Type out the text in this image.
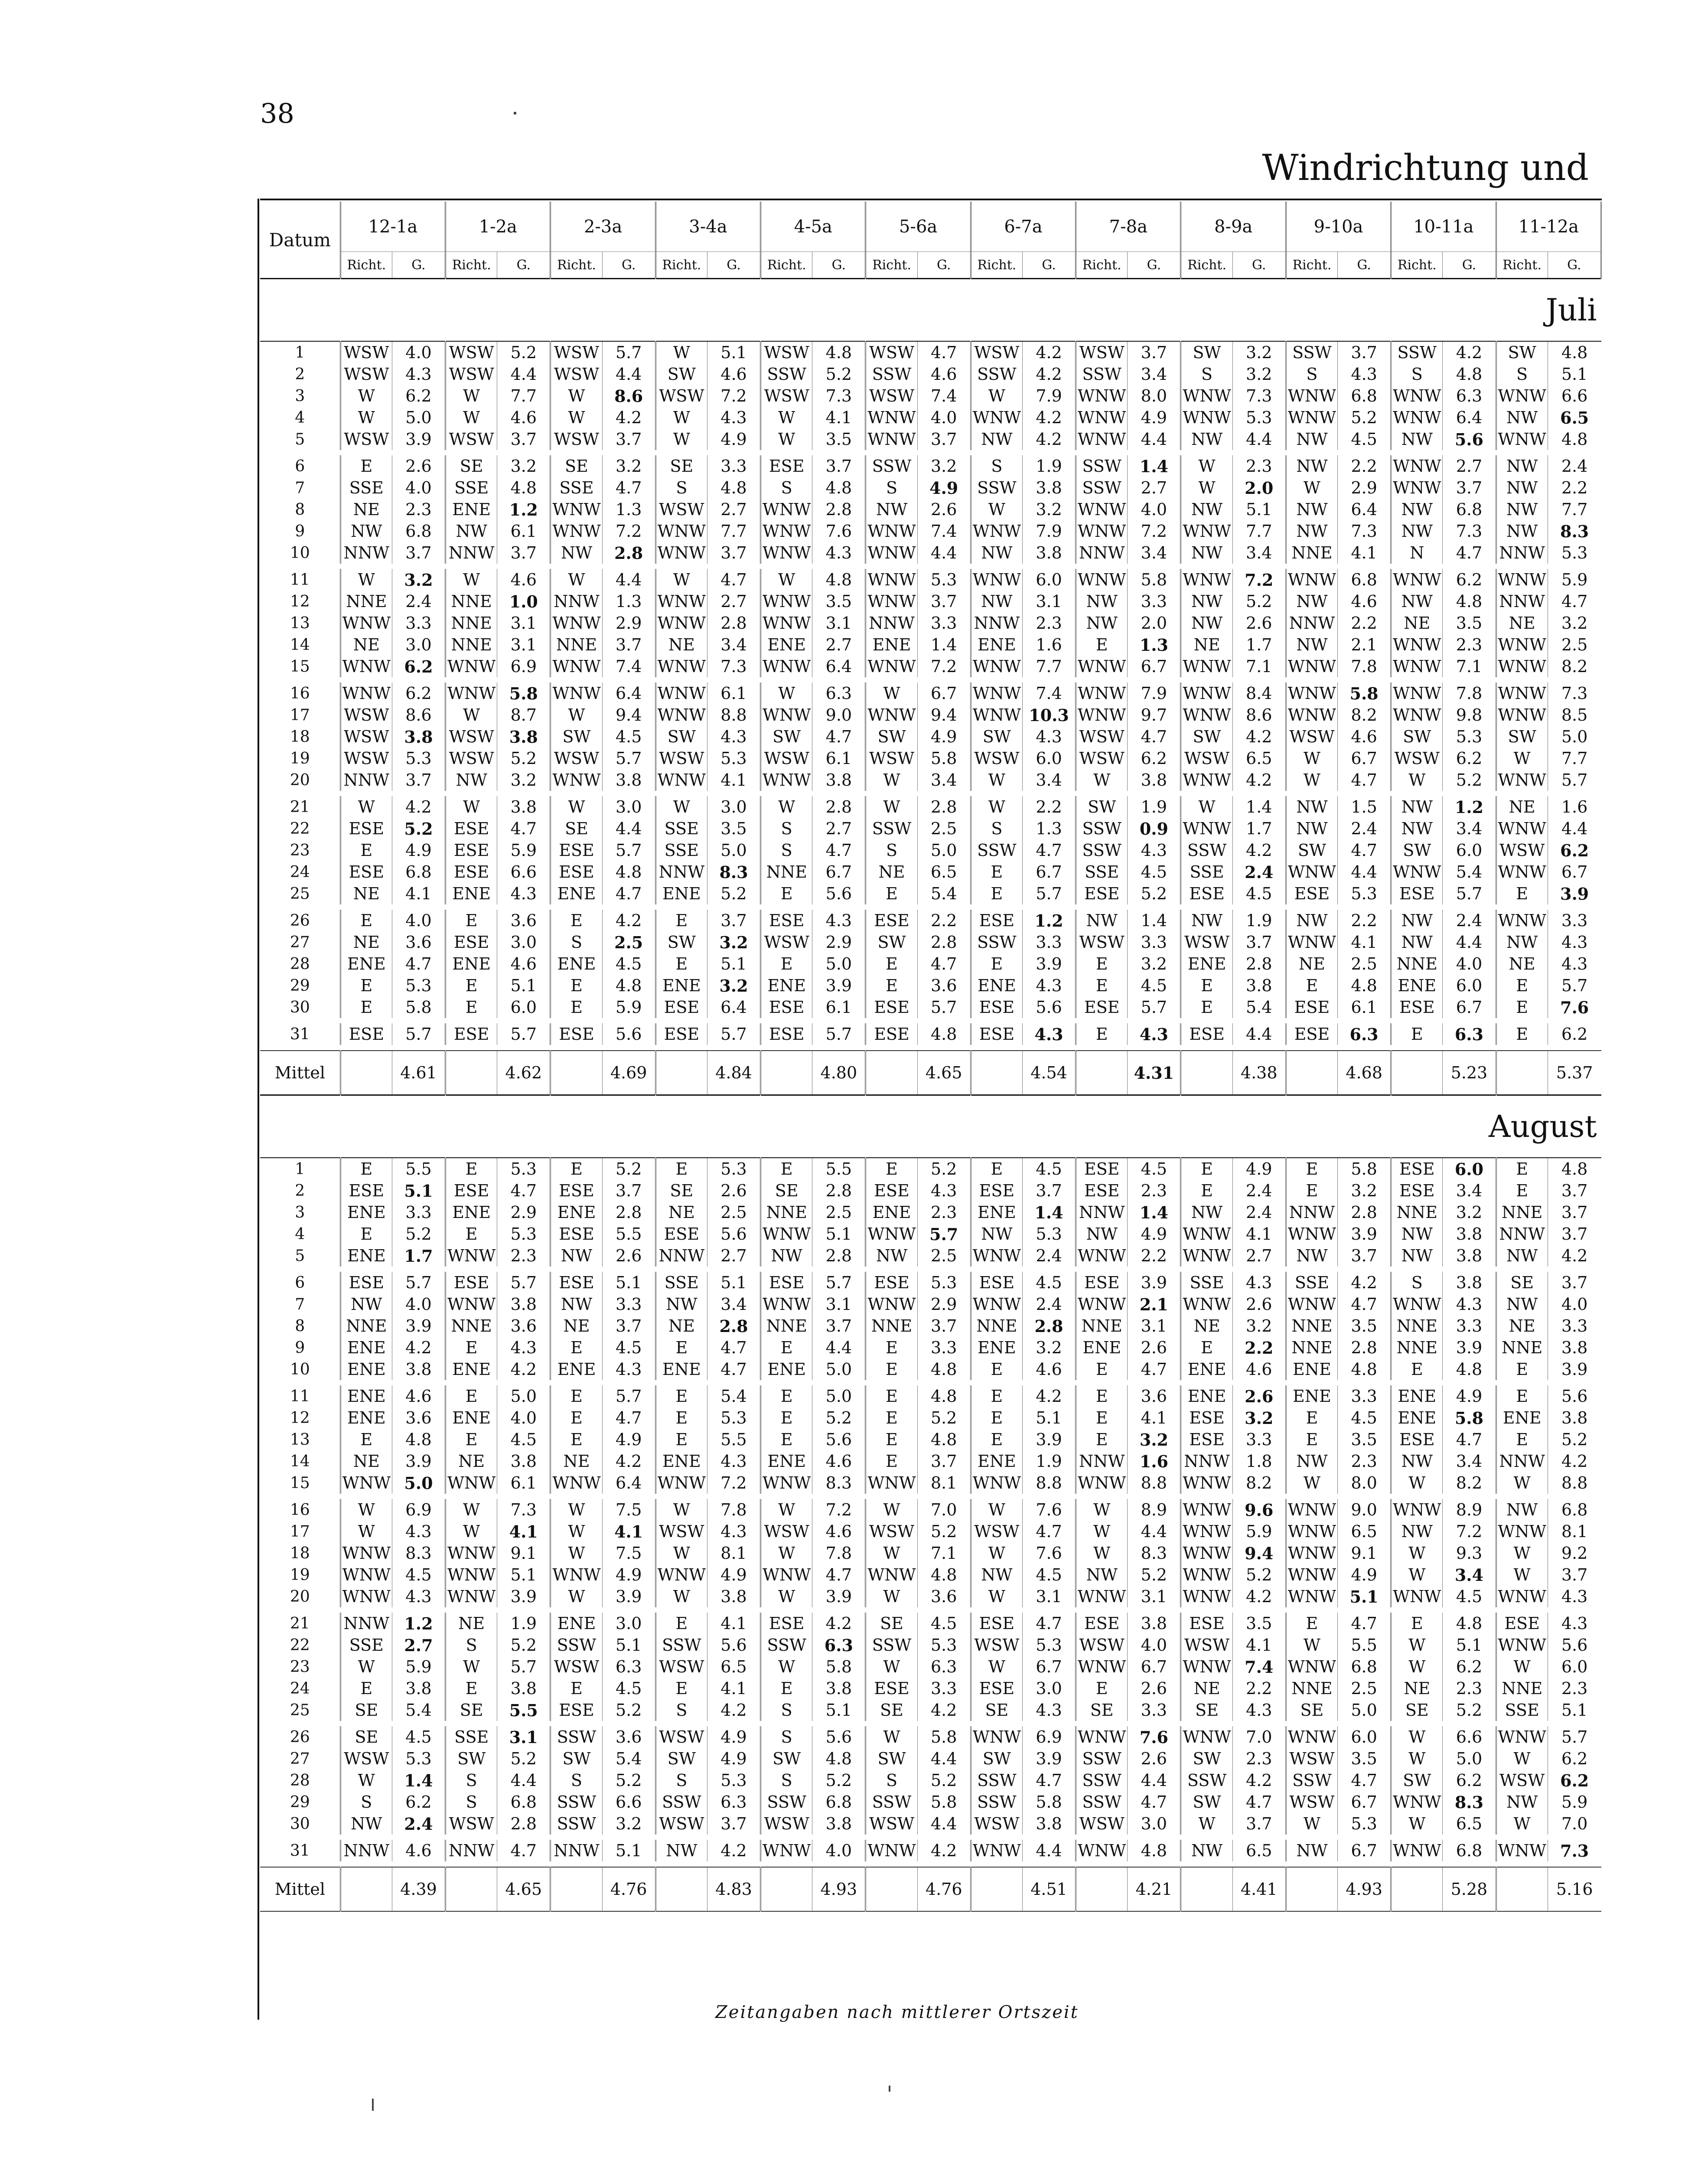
38
Windrichtung und
Datum	12-1a		1-2a		2-3a		3-4a		4-5a		5-6a		6-7a		7-8a		8-9a		9-10a		10-11a		11-12a	
	Richt.	G.	Richt.	G.	Richt.	G.	Richt.	G.	Richt.	G.	Richt.	G.	Richt.	G.	Richt.	G.	Richt.	G.	Richt.	G.	Richt.	G.	Richt.	G.
Juli																								
1	WSW	4.0	WSW	5.2	WSW	5.7	W	5.1	WSW	4.8	WSW	4.7	WSW	4.2	WSW	3.7	SW	3.2	SSW	3.7	SSW	4.2	SW	4.8
2	WSW	4.3	WSW	4.4	WSW	4.4	SW	4.6	SSW	5.2	SSW	4.6	SSW	4.2	SSW	3.4	S	3.2	S	4.3	S	4.8	S	5.1
3	W	6.2	W	7.7	W	8.6	WSW	7.2	WSW	7.3	WSW	7.4	W	7.9	WNW	8.0	WNW	7.3	WNW	6.8	WNW	6.3	WNW	6.6
4	W	5.0	W	4.6	W	4.2	W	4.3	W	4.1	WNW	4.0	WNW	4.2	WNW	4.9	WNW	5.3	WNW	5.2	WNW	6.4	NW	6.5
5	WSW	3.9	WSW	3.7	WSW	3.7	W	4.9	W	3.5	WNW	3.7	NW	4.2	WNW	4.4	NW	4.4	NW	4.5	NW	5.6	WNW	4.8

6	E	2.6	SE	3.2	SE	3.2	SE	3.3	ESE	3.7	SSW	3.2	S	1.9	SSW	1.4	W	2.3	NW	2.2	WNW	2.7	NW	2.4
7	SSE	4.0	SSE	4.8	SSE	4.7	S	4.8	S	4.8	S	4.9	SSW	3.8	SSW	2.7	W	2.0	W	2.9	WNW	3.7	NW	2.2
8	NE	2.3	ENE	1.2	WNW	1.3	WSW	2.7	WNW	2.8	NW	2.6	W	3.2	WNW	4.0	NW	5.1	NW	6.4	NW	6.8	NW	7.7
9	NW	6.8	NW	6.1	WNW	7.2	WNW	7.7	WNW	7.6	WNW	7.4	WNW	7.9	WNW	7.2	WNW	7.7	NW	7.3	NW	7.3	NW	8.3
10	NNW	3.7	NNW	3.7	NW	2.8	WNW	3.7	WNW	4.3	WNW	4.4	NW	3.8	NNW	3.4	NW	3.4	NNE	4.1	N	4.7	NNW	5.3

11	W	3.2	W	4.6	W	4.4	W	4.7	W	4.8	WNW	5.3	WNW	6.0	WNW	5.8	WNW	7.2	WNW	6.8	WNW	6.2	WNW	5.9
12	NNE	2.4	NNE	1.0	NNW	1.3	WNW	2.7	WNW	3.5	WNW	3.7	NW	3.1	NW	3.3	NW	5.2	NW	4.6	NW	4.8	NNW	4.7
13	WNW	3.3	NNE	3.1	WNW	2.9	WNW	2.8	WNW	3.1	NNW	3.3	NNW	2.3	NW	2.0	NW	2.6	NNW	2.2	NE	3.5	NE	3.2
14	NE	3.0	NNE	3.1	NNE	3.7	NE	3.4	ENE	2.7	ENE	1.4	ENE	1.6	E	1.3	NE	1.7	NW	2.1	WNW	2.3	WNW	2.5
15	WNW	6.2	WNW	6.9	WNW	7.4	WNW	7.3	WNW	6.4	WNW	7.2	WNW	7.7	WNW	6.7	WNW	7.1	WNW	7.8	WNW	7.1	WNW	8.2

16	WNW	6.2	WNW	5.8	WNW	6.4	WNW	6.1	W	6.3	W	6.7	WNW	7.4	WNW	7.9	WNW	8.4	WNW	5.8	WNW	7.8	WNW	7.3
17	WSW	8.6	W	8.7	W	9.4	WNW	8.8	WNW	9.0	WNW	9.4	WNW	10.3	WNW	9.7	WNW	8.6	WNW	8.2	WNW	9.8	WNW	8.5
18	WSW	3.8	WSW	3.8	SW	4.5	SW	4.3	SW	4.7	SW	4.9	SW	4.3	WSW	4.7	SW	4.2	WSW	4.6	SW	5.3	SW	5.0
19	WSW	5.3	WSW	5.2	WSW	5.7	WSW	5.3	WSW	6.1	WSW	5.8	WSW	6.0	WSW	6.2	WSW	6.5	W	6.7	WSW	6.2	W	7.7
20	NNW	3.7	NW	3.2	WNW	3.8	WNW	4.1	WNW	3.8	W	3.4	W	3.4	W	3.8	WNW	4.2	W	4.7	W	5.2	WNW	5.7

21	W	4.2	W	3.8	W	3.0	W	3.0	W	2.8	W	2.8	W	2.2	SW	1.9	W	1.4	NW	1.5	NW	1.2	NE	1.6
22	ESE	5.2	ESE	4.7	SE	4.4	SSE	3.5	S	2.7	SSW	2.5	S	1.3	SSW	0.9	WNW	1.7	NW	2.4	NW	3.4	WNW	4.4
23	E	4.9	ESE	5.9	ESE	5.7	SSE	5.0	S	4.7	S	5.0	SSW	4.7	SSW	4.3	SSW	4.2	SW	4.7	SW	6.0	WSW	6.2
24	ESE	6.8	ESE	6.6	ESE	4.8	NNW	8.3	NNE	6.7	NE	6.5	E	6.7	SSE	4.5	SSE	2.4	WNW	4.4	WNW	5.4	WNW	6.7
25	NE	4.1	ENE	4.3	ENE	4.7	ENE	5.2	E	5.6	E	5.4	E	5.7	ESE	5.2	ESE	4.5	ESE	5.3	ESE	5.7	E	3.9

26	E	4.0	E	3.6	E	4.2	E	3.7	ESE	4.3	ESE	2.2	ESE	1.2	NW	1.4	NW	1.9	NW	2.2	NW	2.4	WNW	3.3
27	NE	3.6	ESE	3.0	S	2.5	SW	3.2	WSW	2.9	SW	2.8	SSW	3.3	WSW	3.3	WSW	3.7	WNW	4.1	NW	4.4	NW	4.3
28	ENE	4.7	ENE	4.6	ENE	4.5	E	5.1	E	5.0	E	4.7	E	3.9	E	3.2	ENE	2.8	NE	2.5	NNE	4.0	NE	4.3
29	E	5.3	E	5.1	E	4.8	ENE	3.2	ENE	3.9	E	3.6	ENE	4.3	E	4.5	E	3.8	E	4.8	ENE	6.0	E	5.7
30	E	5.8	E	6.0	E	5.9	ESE	6.4	ESE	6.1	ESE	5.7	ESE	5.6	ESE	5.7	E	5.4	ESE	6.1	ESE	6.7	E	7.6

31	ESE	5.7	ESE	5.7	ESE	5.6	ESE	5.7	ESE	5.7	ESE	4.8	ESE	4.3	E	4.3	ESE	4.4	ESE	6.3	E	6.3	E	6.2

Mittel		4.61		4.62		4.69		4.84		4.80		4.65		4.54		4.31		4.38		4.68		5.23		5.37
August																								
1	E	5.5	E	5.3	E	5.2	E	5.3	E	5.5	E	5.2	E	4.5	ESE	4.5	E	4.9	E	5.8	ESE	6.0	E	4.8
2	ESE	5.1	ESE	4.7	ESE	3.7	SE	2.6	SE	2.8	ESE	4.3	ESE	3.7	ESE	2.3	E	2.4	E	3.2	ESE	3.4	E	3.7
3	ENE	3.3	ENE	2.9	ENE	2.8	NE	2.5	NNE	2.5	ENE	2.3	ENE	1.4	NNW	1.4	NW	2.4	NNW	2.8	NNE	3.2	NNE	3.7
4	E	5.2	E	5.3	ESE	5.5	ESE	5.6	WNW	5.1	WNW	5.7	NW	5.3	NW	4.9	WNW	4.1	WNW	3.9	NW	3.8	NNW	3.7
5	ENE	1.7	WNW	2.3	NW	2.6	NNW	2.7	NW	2.8	NW	2.5	WNW	2.4	WNW	2.2	WNW	2.7	NW	3.7	NW	3.8	NW	4.2

6	ESE	5.7	ESE	5.7	ESE	5.1	SSE	5.1	ESE	5.7	ESE	5.3	ESE	4.5	ESE	3.9	SSE	4.3	SSE	4.2	S	3.8	SE	3.7
7	NW	4.0	WNW	3.8	NW	3.3	NW	3.4	WNW	3.1	WNW	2.9	WNW	2.4	WNW	2.1	WNW	2.6	WNW	4.7	WNW	4.3	NW	4.0
8	NNE	3.9	NNE	3.6	NE	3.7	NE	2.8	NNE	3.7	NNE	3.7	NNE	2.8	NNE	3.1	NE	3.2	NNE	3.5	NNE	3.3	NE	3.3
9	ENE	4.2	E	4.3	E	4.5	E	4.7	E	4.4	E	3.3	ENE	3.2	ENE	2.6	E	2.2	NNE	2.8	NNE	3.9	NNE	3.8
10	ENE	3.8	ENE	4.2	ENE	4.3	ENE	4.7	ENE	5.0	E	4.8	E	4.6	E	4.7	ENE	4.6	ENE	4.8	E	4.8	E	3.9

11	ENE	4.6	E	5.0	E	5.7	E	5.4	E	5.0	E	4.8	E	4.2	E	3.6	ENE	2.6	ENE	3.3	ENE	4.9	E	5.6
12	ENE	3.6	ENE	4.0	E	4.7	E	5.3	E	5.2	E	5.2	E	5.1	E	4.1	ESE	3.2	E	4.5	ENE	5.8	ENE	3.8
13	E	4.8	E	4.5	E	4.9	E	5.5	E	5.6	E	4.8	E	3.9	E	3.2	ESE	3.3	E	3.5	ESE	4.7	E	5.2
14	NE	3.9	NE	3.8	NE	4.2	ENE	4.3	ENE	4.6	E	3.7	ENE	1.9	NNW	1.6	NNW	1.8	NW	2.3	NW	3.4	NNW	4.2
15	WNW	5.0	WNW	6.1	WNW	6.4	WNW	7.2	WNW	8.3	WNW	8.1	WNW	8.8	WNW	8.8	WNW	8.2	W	8.0	W	8.2	W	8.8

16	W	6.9	W	7.3	W	7.5	W	7.8	W	7.2	W	7.0	W	7.6	W	8.9	WNW	9.6	WNW	9.0	WNW	8.9	NW	6.8
17	W	4.3	W	4.1	W	4.1	WSW	4.3	WSW	4.6	WSW	5.2	WSW	4.7	W	4.4	WNW	5.9	WNW	6.5	NW	7.2	WNW	8.1
18	WNW	8.3	WNW	9.1	W	7.5	W	8.1	W	7.8	W	7.1	W	7.6	W	8.3	WNW	9.4	WNW	9.1	W	9.3	W	9.2
19	WNW	4.5	WNW	5.1	WNW	4.9	WNW	4.9	WNW	4.7	WNW	4.8	NW	4.5	NW	5.2	WNW	5.2	WNW	4.9	W	3.4	W	3.7
20	WNW	4.3	WNW	3.9	W	3.9	W	3.8	W	3.9	W	3.6	W	3.1	WNW	3.1	WNW	4.2	WNW	5.1	WNW	4.5	WNW	4.3

21	NNW	1.2	NE	1.9	ENE	3.0	E	4.1	ESE	4.2	SE	4.5	ESE	4.7	ESE	3.8	ESE	3.5	E	4.7	E	4.8	ESE	4.3
22	SSE	2.7	S	5.2	SSW	5.1	SSW	5.6	SSW	6.3	SSW	5.3	WSW	5.3	WSW	4.0	WSW	4.1	W	5.5	W	5.1	WNW	5.6
23	W	5.9	W	5.7	WSW	6.3	WSW	6.5	W	5.8	W	6.3	W	6.7	WNW	6.7	WNW	7.4	WNW	6.8	W	6.2	W	6.0
24	E	3.8	E	3.8	E	4.5	E	4.1	E	3.8	ESE	3.3	ESE	3.0	E	2.6	NE	2.2	NNE	2.5	NE	2.3	NNE	2.3
25	SE	5.4	SE	5.5	ESE	5.2	S	4.2	S	5.1	SE	4.2	SE	4.3	SE	3.3	SE	4.3	SE	5.0	SE	5.2	SSE	5.1

26	SE	4.5	SSE	3.1	SSW	3.6	WSW	4.9	S	5.6	W	5.8	WNW	6.9	WNW	7.6	WNW	7.0	WNW	6.0	W	6.6	WNW	5.7
27	WSW	5.3	SW	5.2	SW	5.4	SW	4.9	SW	4.8	SW	4.4	SW	3.9	SSW	2.6	SW	2.3	WSW	3.5	W	5.0	W	6.2
28	W	1.4	S	4.4	S	5.2	S	5.3	S	5.2	S	5.2	SSW	4.7	SSW	4.4	SSW	4.2	SSW	4.7	SW	6.2	WSW	6.2
29	S	6.2	S	6.8	SSW	6.6	SSW	6.3	SSW	6.8	SSW	5.8	SSW	5.8	SSW	4.7	SW	4.7	WSW	6.7	WNW	8.3	NW	5.9
30	NW	2.4	WSW	2.8	SSW	3.2	WSW	3.7	WSW	3.8	WSW	4.4	WSW	3.8	WSW	3.0	W	3.7	W	5.3	W	6.5	W	7.0

31	NNW	4.6	NNW	4.7	NNW	5.1	NW	4.2	WNW	4.0	WNW	4.2	WNW	4.4	WNW	4.8	NW	6.5	NW	6.7	WNW	6.8	WNW	7.3

Mittel		4.39		4.65		4.76		4.83		4.93		4.76		4.51		4.21		4.41		4.93		5.28		5.16
Zeitangaben nach mittlerer Ortszeit
